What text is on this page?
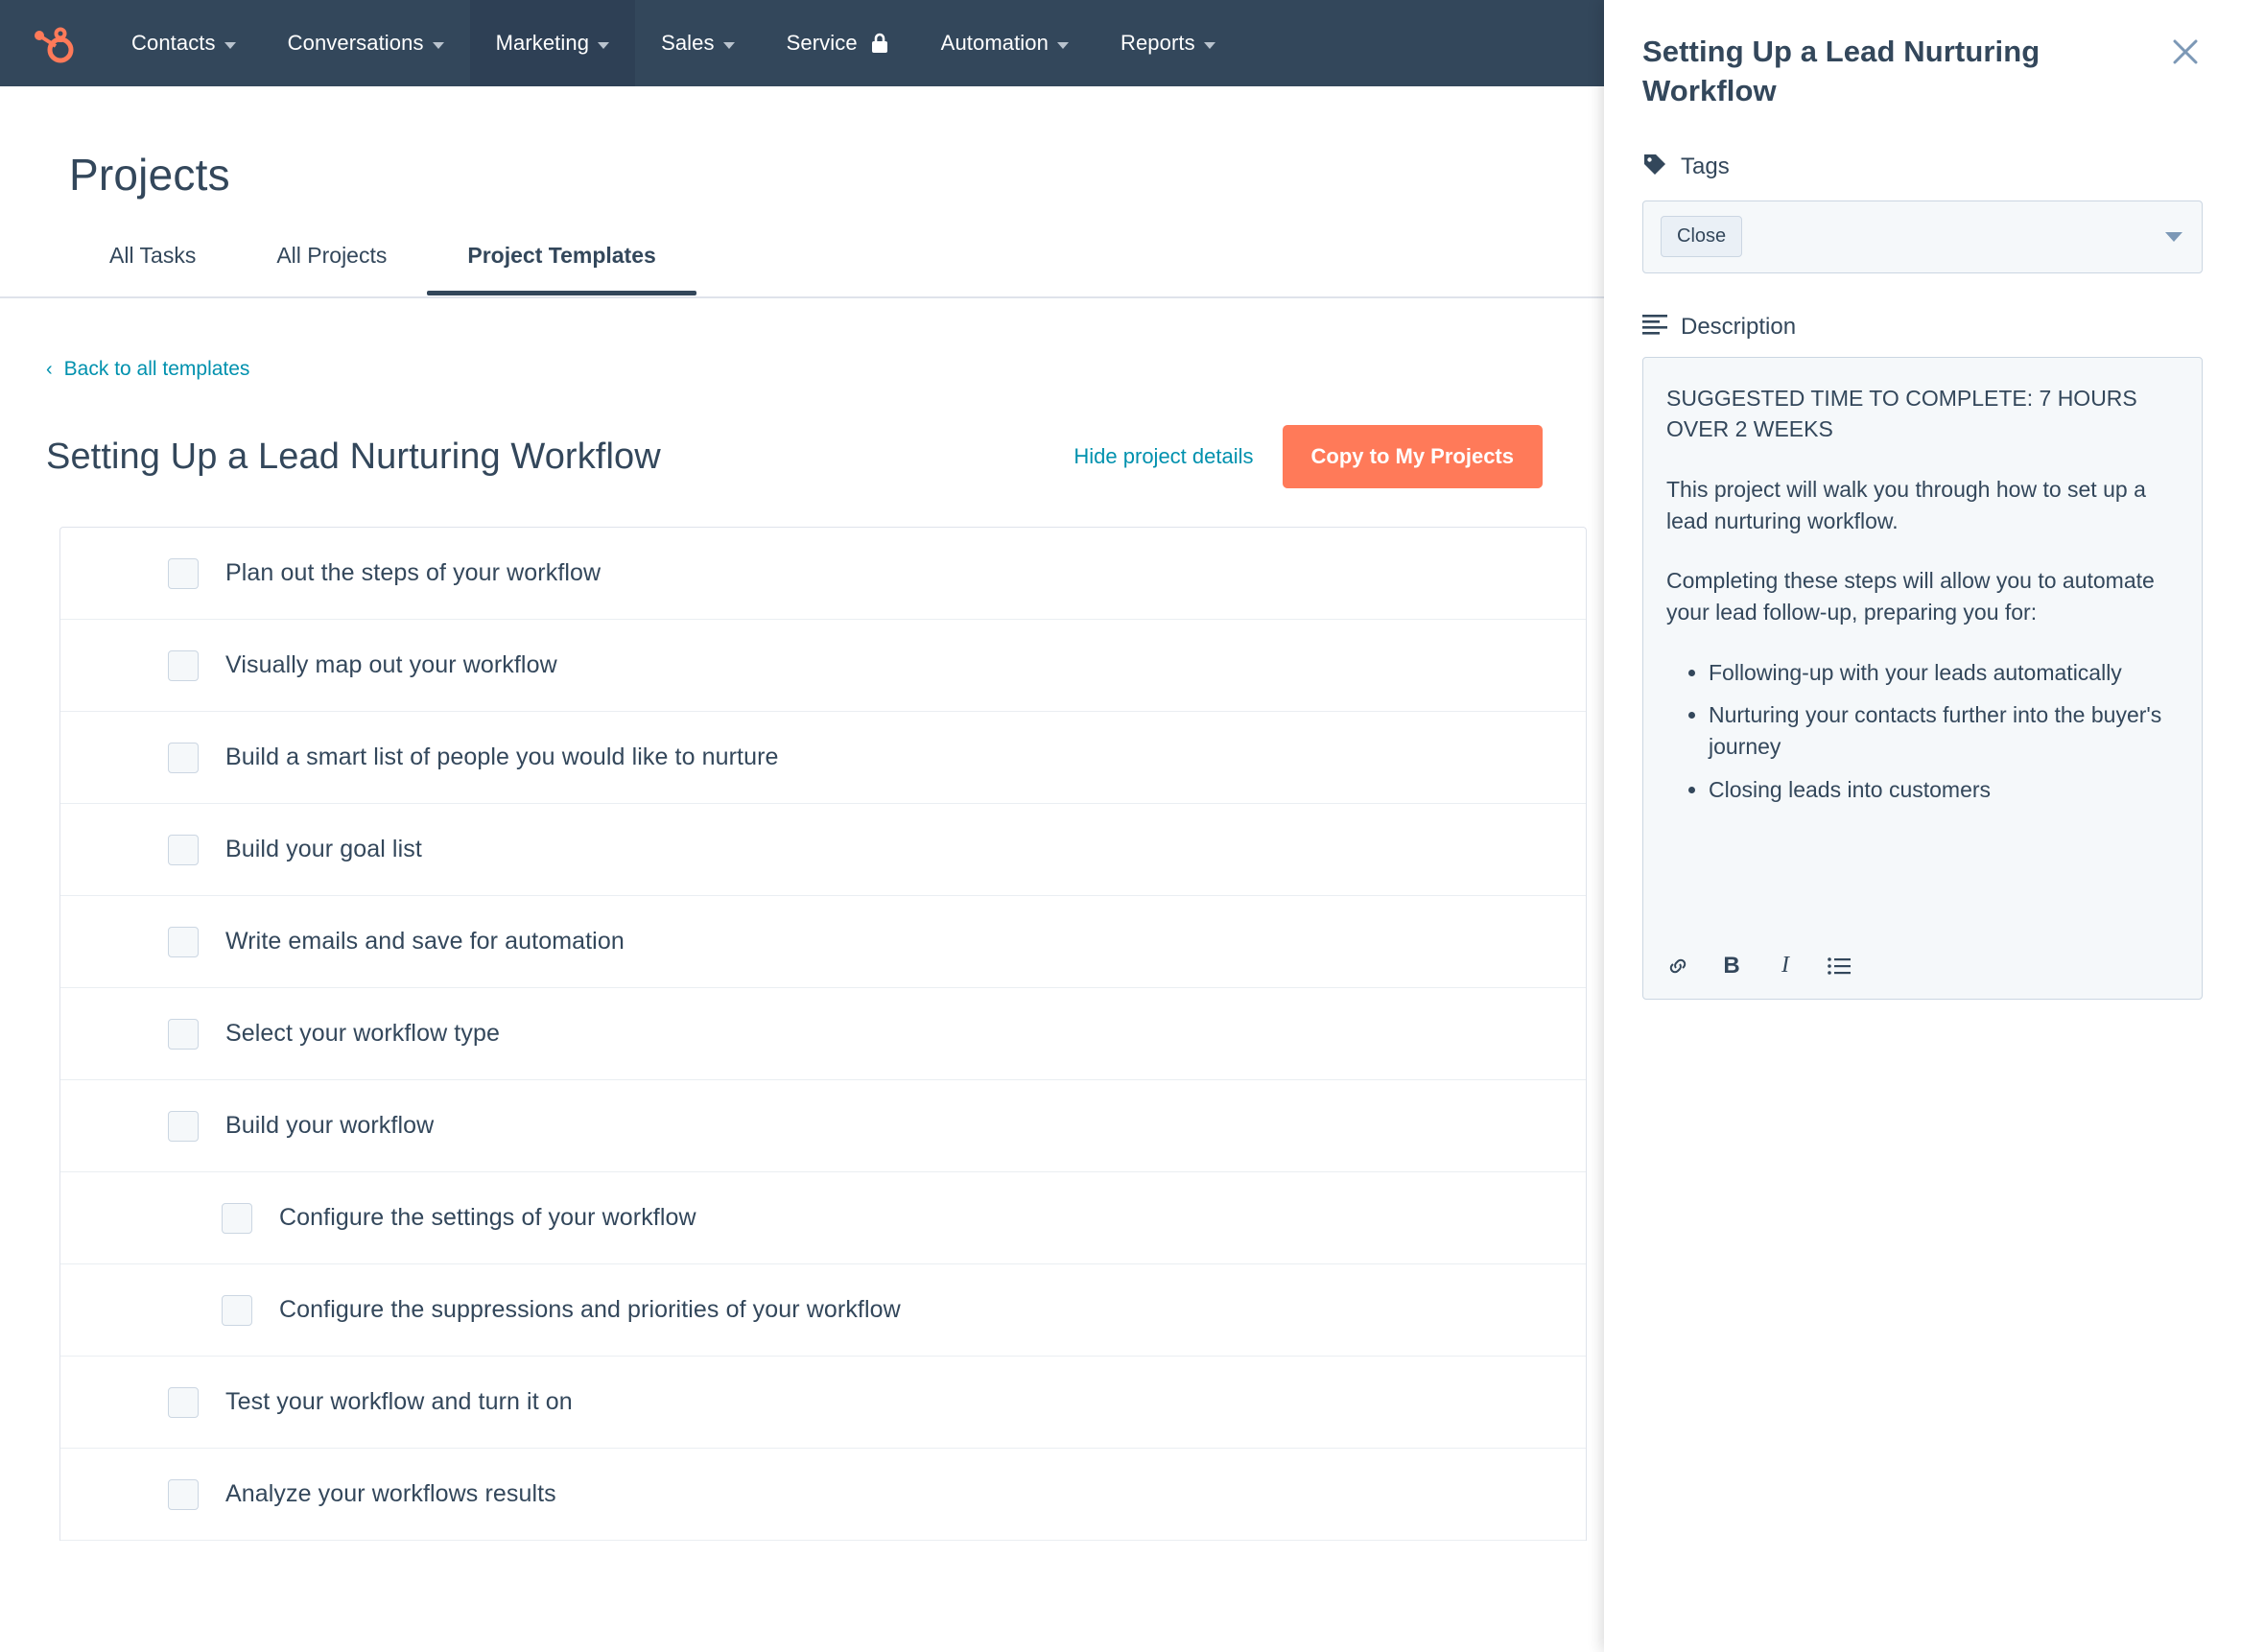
Contacts	Conversations	Marketing	Sales	Service	Automation	Reports
Projects
All Tasks	All Projects	Project Templates
‹ Back to all templates
Setting Up a Lead Nurturing Workflow	Hide project details	Copy to My Projects
Plan out the steps of your workflow
Visually map out your workflow
Build a smart list of people you would like to nurture
Build your goal list
Write emails and save for automation
Select your workflow type
Build your workflow
Configure the settings of your workflow
Configure the suppressions and priorities of your workflow
Test your workflow and turn it on
Analyze your workflows results
Setting Up a Lead Nurturing Workflow
Tags
Close
Description

SUGGESTED TIME TO COMPLETE: 7 HOURS OVER 2 WEEKS

This project will walk you through how to set up a lead nurturing workflow.

Completing these steps will allow you to automate your lead follow-up, preparing you for:

• Following-up with your leads automatically
• Nurturing your contacts further into the buyer's journey
• Closing leads into customers
B	I
